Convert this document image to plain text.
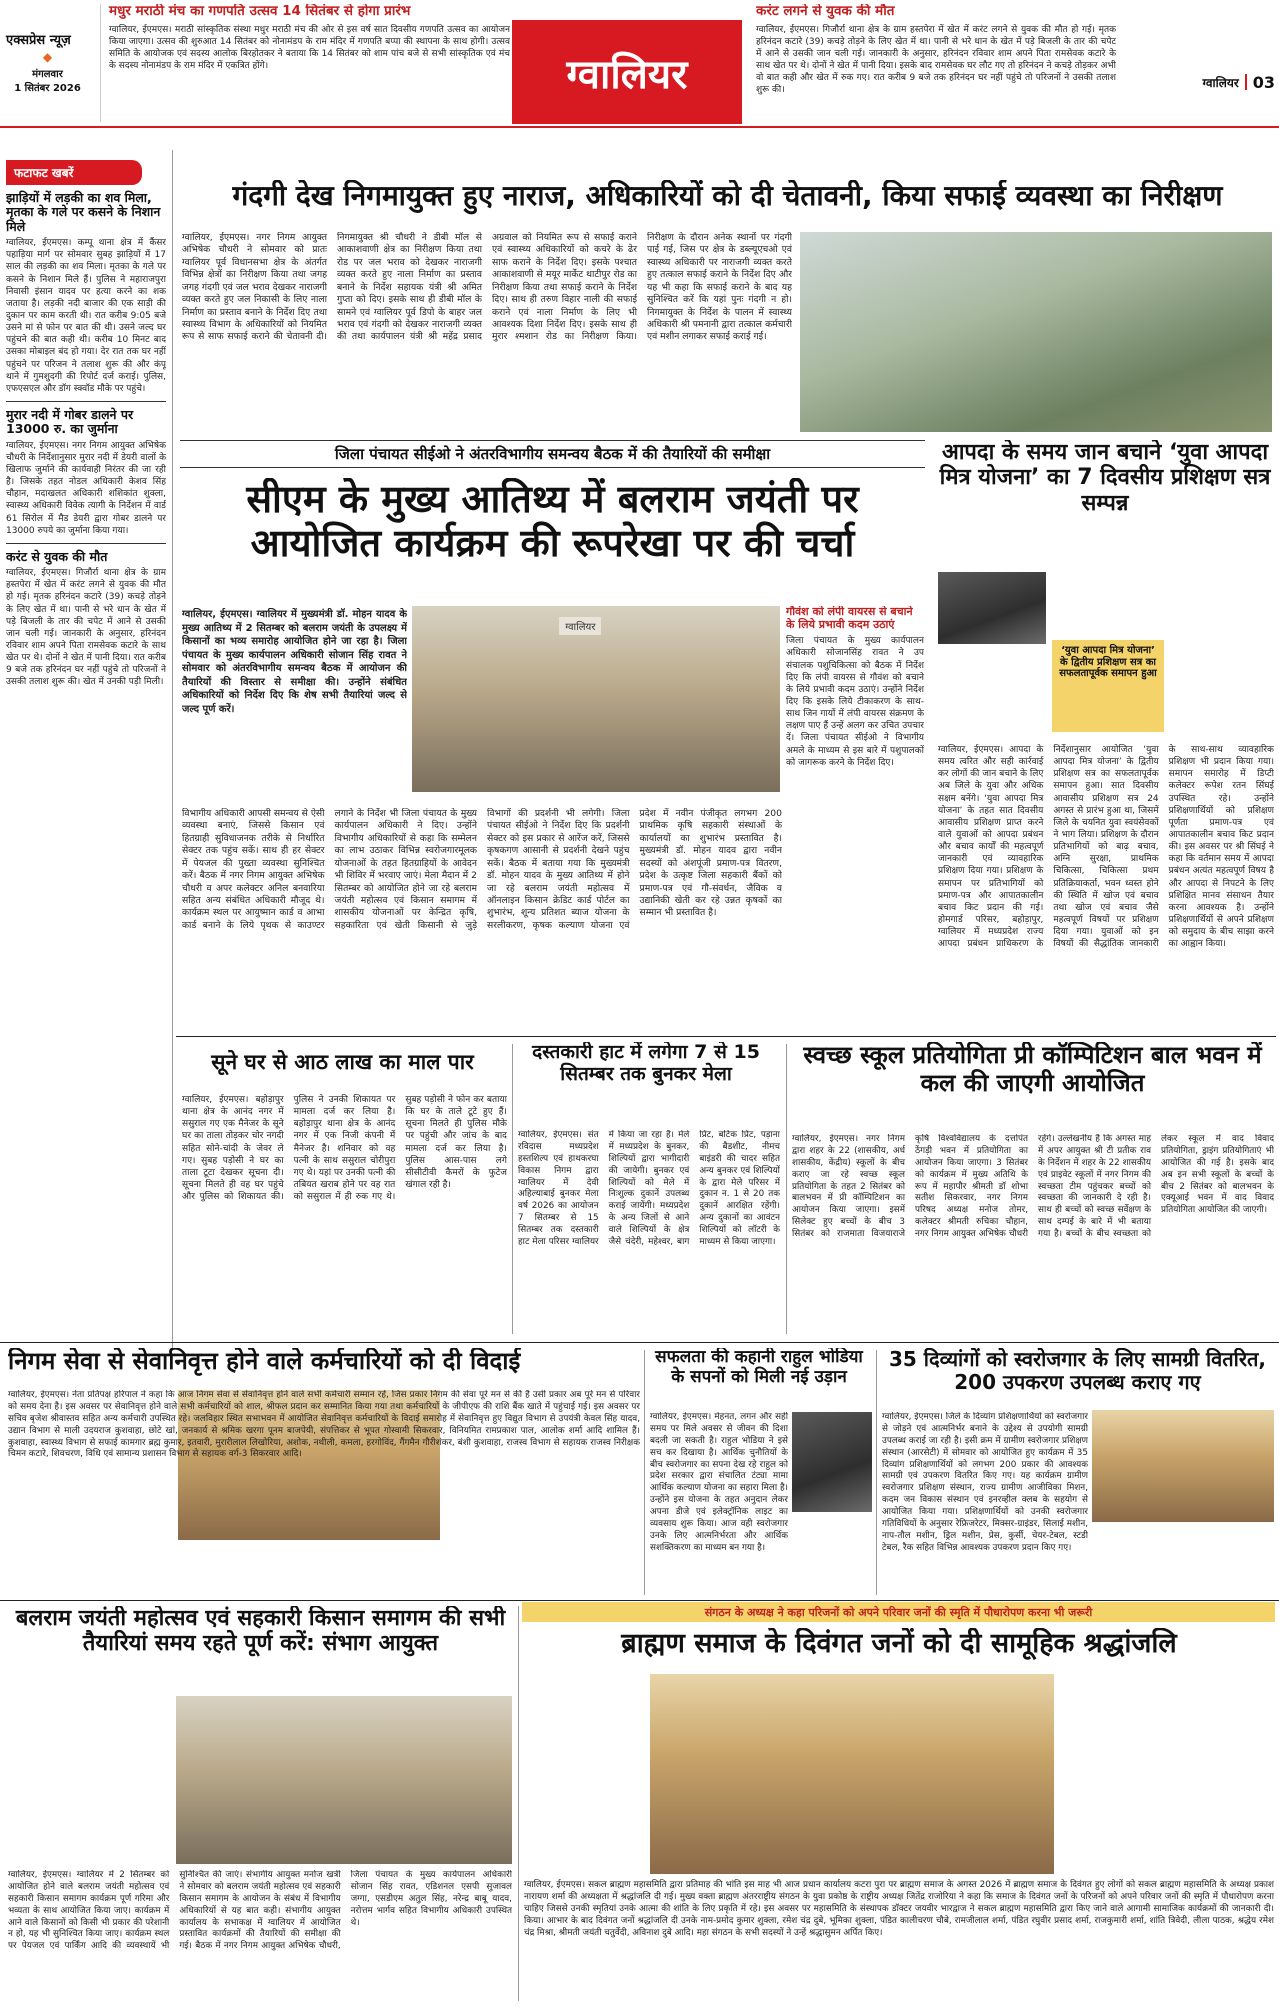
एक्सप्रेस न्यूज़
◆
मंगलवार
1 सितंबर 2026
मधुर मराठी मंच का गणपति उत्सव 14 सितंबर से होगा प्रारंभ
ग्वालियर, ईएमएस। मराठी सांस्कृतिक संस्था मधुर मराठी मंच की ओर से इस वर्ष सात दिवसीय गणपति उत्सव का आयोजन किया जाएगा। उत्सव की शुरुआत 14 सितंबर को नोनामंडप के राम मंदिर में गणपति बप्पा की स्थापना के साथ होगी। उत्सव समिति के आयोजक एवं सदस्य आलोक बिरहोतकर ने बताया कि 14 सितंबर को शाम पांच बजे से सभी सांस्कृतिक एवं मंच के सदस्य नोनामंडप के राम मंदिर में एकत्रित होंगे।	ग्वालियर
करंट लगने से युवक की मौत
ग्वालियर, ईएमएस। गिजौर्रा थाना क्षेत्र के ग्राम हस्तपेरा में खेत में करंट लगने से युवक की मौत हो गई। मृतक हरिनंदन कटारे (39) कचड़े तोड़ने के लिए खेत में था। पानी से भरे धान के खेत में पड़े बिजली के तार की चपेट में आने से उसकी जान चली गई। जानकारी के अनुसार, हरिनंदन रविवार शाम अपने पिता रामसेवक कटारे के साथ खेत पर थे। दोनों ने खेत में पानी दिया। इसके बाद रामसेवक घर लौट गए तो हरिनंदन ने कचड़े तोड़कर अभी वो बात कही और खेत में रुक गए। रात करीब 9 बजे तक हरिनंदन घर नहीं पहुंचे तो परिजनों ने उसकी तलाश शुरू की।
ग्वालियर 03
फटाफट खबरें
झाड़ियों में लड़की का शव मिला, मृतका के गले पर कसने के निशान मिले
ग्वालियर, ईएमएस। कम्पू थाना क्षेत्र में कैंसर पहाड़िया मार्ग पर सोमवार सुबह झाड़ियों में 17 साल की लड़की का शव मिला। मृतका के गले पर कसने के निशान मिले हैं। पुलिस ने महाराजपुरा निवासी इंसान यादव पर हत्या करने का शक जताया है। लड़की नदी बाजार की एक साड़ी की दुकान पर काम करती थी। रात करीब 9:05 बजे उसने मां से फोन पर बात की थी। उसने जल्द घर पहुंचने की बात कही थी। करीब 10 मिनट बाद उसका मोबाइल बंद हो गया। देर रात तक घर नहीं पहुंचने पर परिजन ने तलाश शुरू की और कंपू थाने में गुमशुदगी की रिपोर्ट दर्ज कराई। पुलिस, एफएसएल और डॉग स्क्वॉड मौके पर पहुंचे।
मुरार नदी में गोबर डालने पर 13000 रु. का जुर्माना
ग्वालियर, ईएमएस। नगर निगम आयुक्त अभिषेक चौधरी के निर्देशानुसार मुरार नदी में डेयरी वालों के खिलाफ जुर्माने की कार्यवाही निरंतर की जा रही है। जिसके तहत नोडल अधिकारी केशव सिंह चौहान, मदाखलत अधिकारी शशिकांत शुक्ला, स्वास्थ्य अधिकारी विवेक त्यागी के निर्देशन में वार्ड 61 सिरोल में मैड डेयरी द्वारा गोबर डालने पर 13000 रुपये का जुर्माना किया गया।
करंट से युवक की मौत
ग्वालियर, ईएमएस। गिजौर्रा थाना क्षेत्र के ग्राम हस्तपेरा में खेत में करंट लगने से युवक की मौत हो गई। मृतक हरिनंदन कटारे (39) कचड़े तोड़ने के लिए खेत में था। पानी से भरे धान के खेत में पड़े बिजली के तार की चपेट में आने से उसकी जान चली गई। जानकारी के अनुसार, हरिनंदन रविवार शाम अपने पिता रामसेवक कटारे के साथ खेत पर थे। दोनों ने खेत में पानी दिया। रात करीब 9 बजे तक हरिनंदन घर नहीं पहुंचे तो परिजनों ने उसकी तलाश शुरू की। खेत में उनकी पड़ी मिली।
गंदगी देख निगमायुक्त हुए नाराज, अधिकारियों को दी चेतावनी, किया सफाई व्यवस्था का निरीक्षण
ग्वालियर, ईएमएस। नगर निगम आयुक्त अभिषेक चौधरी ने सोमवार को प्रातः ग्वालियर पूर्व विधानसभा क्षेत्र के अंतर्गत विभिन्न क्षेत्रों का निरीक्षण किया तथा जगह जगह गंदगी एवं जल भराव देखकर नाराजगी व्यक्त करते हुए जल निकासी के लिए नाला निर्माण का प्रस्ताव बनाने के निर्देश दिए तथा स्वास्थ्य विभाग के अधिकारियों को नियमित रूप से साफ सफाई कराने की चेतावनी दी। निगमायुक्त श्री चौधरी ने डीबी मॉल से आकाशवाणी क्षेत्र का निरीक्षण किया तथा रोड पर जल भराव को देखकर नाराजगी व्यक्त करते हुए नाला निर्माण का प्रस्ताव बनाने के निर्देश सहायक यंत्री श्री अमित गुप्ता को दिए। इसके साथ ही डीबी मॉल के सामने एवं ग्वालियर पूर्व डिपो के बाहर जल भराव एवं गंदगी को देखकर नाराजगी व्यक्त की तथा कार्यपालन यंत्री श्री महेंद्र प्रसाद अग्रवाल को नियमित रूप से सफाई कराने एवं स्वास्थ्य अधिकारियों को कचरे के ढेर साफ कराने के निर्देश दिए। इसके पश्चात आकाशवाणी से मयूर मार्केट थाटीपुर रोड का निरीक्षण किया तथा सफाई कराने के निर्देश दिए। साथ ही तरुण विहार नाली की सफाई कराने एवं नाला निर्माण के लिए भी आवश्यक दिशा निर्देश दिए। इसके साथ ही मुरार श्मशान रोड का निरीक्षण किया। निरीक्षण के दौरान अनेक स्थानों पर गंदगी पाई गई, जिस पर क्षेत्र के डब्ल्यूएचओ एवं स्वास्थ्य अधिकारी पर नाराजगी व्यक्त करते हुए तत्काल सफाई कराने के निर्देश दिए और यह भी कहा कि सफाई कराने के बाद यह सुनिश्चित करें कि यहां पुनः गंदगी न हो। निगमायुक्त के निर्देश के पालन में स्वास्थ्य अधिकारी श्री पमनानी द्वारा तत्काल कर्मचारी एवं मशीन लगाकर सफाई कराई गई।
जिला पंचायत सीईओ ने अंतरविभागीय समन्वय बैठक में की तैयारियों की समीक्षा
सीएम के मुख्य आतिथ्य में बलराम जयंती पर आयोजित कार्यक्रम की रूपरेखा पर की चर्चा
ग्वालियर, ईएमएस। ग्वालियर में मुख्यमंत्री डॉ. मोहन यादव के मुख्य आतिथ्य में 2 सितम्बर को बलराम जयंती के उपलक्ष्य में किसानों का भव्य समारोह आयोजित होने जा रहा है। जिला पंचायत के मुख्य कार्यपालन अधिकारी सोजान सिंह रावत ने सोमवार को अंतरविभागीय समन्वय बैठक में आयोजन की तैयारियों की विस्तार से समीक्षा की। उन्होंने संबंधित अधिकारियों को निर्देश दिए कि शेष सभी तैयारियां जल्द से जल्द पूर्ण करें।
ग्वालियर
गौवंश को लंपी वायरस से बचाने के लिये प्रभावी कदम उठाएं
जिला पंचायत के मुख्य कार्यपालन अधिकारी सोजानसिंह रावत ने उप संचालक पशुचिकित्सा को बैठक में निर्देश दिए कि लंपी वायरस से गौवंश को बचाने के लिये प्रभावी कदम उठाएं। उन्होंने निर्देश दिए कि इसके लिये टीकाकरण के साथ-साथ जिन गायों में लंपी वायरस संक्रमण के लक्षण पाए हैं उन्हें अलग कर उचित उपचार दें। जिला पंचायत सीईओ ने विभागीय अमले के माध्यम से इस बारे में पशुपालकों को जागरूक करने के निर्देश दिए।
विभागीय अधिकारी आपसी समन्वय से ऐसी व्यवस्था बनाएं, जिससे किसान एवं हितग्राही सुविधाजनक तरीके से निर्धारित सेक्टर तक पहुंच सकें। साथ ही हर सेक्टर में पेयजल की पुख्ता व्यवस्था सुनिश्चित करें। बैठक में नगर निगम आयुक्त अभिषेक चौधरी व अपर कलेक्टर अनिल बनवारिया सहित अन्य संबंधित अधिकारी मौजूद थे। कार्यक्रम स्थल पर आयुष्मान कार्ड व आभा कार्ड बनाने के लिये पृथक से काउण्टर लगाने के निर्देश भी जिला पंचायत के मुख्य कार्यपालन अधिकारी ने दिए। उन्होंने विभागीय अधिकारियों से कहा कि सम्मेलन का लाभ उठाकर विभिन्न स्वरोजगारमूलक योजनाओं के तहत हितग्राहियों के आवेदन भी शिविर में भरवाए जाएं। मेला मैदान में 2 सितम्बर को आयोजित होने जा रहे बलराम जयंती महोत्सव एवं किसान समागम में शासकीय योजनाओं पर केन्द्रित कृषि, सहकारिता एवं खेती किसानी से जुड़े विभागों की प्रदर्शनी भी लगेगी। जिला पंचायत सीईओ ने निर्देश दिए कि प्रदर्शनी सेक्टर को इस प्रकार से आरेंज करें, जिससे कृषकगण आसानी से प्रदर्शनी देखने पहुंच सकें। बैठक में बताया गया कि मुख्यमंत्री डॉ. मोहन यादव के मुख्य आतिथ्य में होने जा रहे बलराम जयंती महोत्सव में ऑनलाइन किसान क्रेडिट कार्ड पोर्टल का शुभारंभ, शून्य प्रतिशत ब्याज योजना के सरलीकरण, कृषक कल्याण योजना एवं प्रदेश में नवीन पंजीकृत लगभग 200 प्राथमिक कृषि सहकारी संस्थाओं के कार्यालयों का शुभारंभ प्रस्तावित है। मुख्यमंत्री डॉ. मोहन यादव द्वारा नवीन सदस्यों को अंशपूंजी प्रमाण-पत्र वितरण, प्रदेश के उत्कृष्ट जिला सहकारी बैंकों को प्रमाण-पत्र एवं गौ-संवर्धन, जैविक व उद्यानिकी खेती कर रहे उन्नत कृषकों का सम्मान भी प्रस्तावित है।
आपदा के समय जान बचाने ‘युवा आपदा मित्र योजना’ का 7 दिवसीय प्रशिक्षण सत्र सम्पन्न
‘युवा आपदा मित्र योजना’ के द्वितीय प्रशिक्षण सत्र का सफलतापूर्वक समापन हुआ
ग्वालियर, ईएमएस। आपदा के समय त्वरित और सही कार्रवाई कर लोगों की जान बचाने के लिए अब जिले के युवा और अधिक सक्षम बनेंगे। ‘युवा आपदा मित्र योजना’ के तहत सात दिवसीय आवासीय प्रशिक्षण प्राप्त करने वाले युवाओं को आपदा प्रबंधन और बचाव कार्यों की महत्वपूर्ण जानकारी एवं व्यावहारिक प्रशिक्षण दिया गया। प्रशिक्षण के समापन पर प्रतिभागियों को प्रमाण-पत्र और आपातकालीन बचाव किट प्रदान की गई। होमगार्ड परिसर, बहोड़ापुर, ग्वालियर में मध्यप्रदेश राज्य आपदा प्रबंधन प्राधिकरण के निर्देशानुसार आयोजित ‘युवा आपदा मित्र योजना’ के द्वितीय प्रशिक्षण सत्र का सफलतापूर्वक समापन हुआ। सात दिवसीय आवासीय प्रशिक्षण सत्र 24 अगस्त से प्रारंभ हुआ था, जिसमें जिले के चयनित युवा स्वयंसेवकों ने भाग लिया। प्रशिक्षण के दौरान प्रतिभागियों को बाढ़ बचाव, अग्नि सुरक्षा, प्राथमिक चिकित्सा, चिकित्सा प्रथम प्रतिक्रियाकर्ता, भवन ध्वस्त होने की स्थिति में खोज एवं बचाव तथा खोज एवं बचाव जैसे महत्वपूर्ण विषयों पर प्रशिक्षण दिया गया। युवाओं को इन विषयों की सैद्धांतिक जानकारी के साथ-साथ व्यावहारिक प्रशिक्षण भी प्रदान किया गया। समापन समारोह में डिप्टी कलेक्टर रूपेश रतन सिंघई उपस्थित रहे। उन्होंने प्रशिक्षणार्थियों को प्रशिक्षण पूर्णता प्रमाण-पत्र एवं आपातकालीन बचाव किट प्रदान की। इस अवसर पर श्री सिंघई ने कहा कि वर्तमान समय में आपदा प्रबंधन अत्यंत महत्वपूर्ण विषय है और आपदा से निपटने के लिए प्रशिक्षित मानव संसाधन तैयार करना आवश्यक है। उन्होंने प्रशिक्षणार्थियों से अपने प्रशिक्षण को समुदाय के बीच साझा करने का आह्वान किया।
सूने घर से आठ लाख का माल पार
ग्वालियर, ईएमएस। बहोड़ापुर थाना क्षेत्र के आनंद नगर में ससुराल गए एक मैनेजर के सूने घर का ताला तोड़कर चोर नगदी सहित सोने-चांदी के जेवर ले गए। सुबह पड़ोसी ने घर का ताला टूटा देखकर सूचना दी। सूचना मिलते ही वह घर पहुंचे और पुलिस को शिकायत की। पुलिस ने उनकी शिकायत पर मामला दर्ज कर लिया है। बहोड़ापुर थाना क्षेत्र के आनंद नगर में एक निजी कंपनी में मैनेजर है। शनिवार को वह पत्नी के साथ ससुराल चोरीपुरा गए थे। यहां पर उनकी पत्नी की तबियत खराब होने पर वह रात को ससुराल में ही रुक गए थे। सुबह पड़ोसी ने फोन कर बताया कि घर के ताले टूटे हुए हैं। सूचना मिलते ही पुलिस मौके पर पहुंची और जांच के बाद मामला दर्ज कर लिया है। पुलिस आस-पास लगे सीसीटीवी कैमरों के फुटेज खंगाल रही है।
दस्तकारी हाट में लगेगा 7 से 15 सितम्बर तक बुनकर मेला
ग्वालियर, ईएमएस। संत रविदास मध्यप्रदेश हस्तशिल्प एवं हाथकरघा विकास निगम द्वारा ग्वालियर में देवी अहिल्याबाई बुनकर मेला वर्ष 2026 का आयोजन 7 सितम्बर से 15 सितम्बर तक दस्तकारी हाट मेला परिसर ग्वालियर में किया जा रहा है। मेले में मध्यप्रदेश के बुनकर, शिल्पियों द्वारा भागीदारी की जायेगी। बुनकर एवं शिल्पियों को मेले में निःशुल्क दुकानें उपलब्ध कराई जायेंगी। मध्यप्रदेश के अन्य जिलों से आने वाले शिल्पियों के क्षेत्र जैसे चंदेरी, महेश्वर, बाग प्रिंट, बटिक प्रिंट, पड़ाना की बैडशीट, नीमच बाइंडरी की चादर सहित अन्य बुनकर एवं शिल्पियों के द्वारा मेले परिसर में दुकान न. 1 से 20 तक दुकानें आरक्षित रहेंगी। अन्य दुकानों का आवंटन शिल्पियों को लॉटरी के माध्यम से किया जाएगा।
स्वच्छ स्कूल प्रतियोगिता प्री कॉम्पिटिशन बाल भवन में कल की जाएगी आयोजित
ग्वालियर, ईएमएस। नगर निगम द्वारा शहर के 22 (शासकीय, अर्ध शासकीय, केंद्रीय) स्कूलों के बीच कराए जा रहे स्वच्छ स्कूल प्रतियोगिता के तहत 2 सितंबर को बालभवन में प्री कॉम्पिटिशन का आयोजन किया जाएगा। इसमें सिलेक्ट हुए बच्चों के बीच 3 सितंबर को राजमाता विजयाराजे कृषि विश्वविद्यालय के दत्तोपंत ठेंगड़ी भवन में प्रतियोगिता का आयोजन किया जाएगा। 3 सितंबर को कार्यक्रम में मुख्य अतिथि के रूप में महापौर श्रीमती डॉ शोभा सतीश सिकरवार, नगर निगम परिषद अध्यक्ष मनोज तोमर, कलेक्टर श्रीमती रुचिका चौहान, नगर निगम आयुक्त अभिषेक चौधरी रहेंगे। उल्लेखनीय है कि अगस्त माह में अपर आयुक्त श्री टी प्रतीक राव के निर्देशन में शहर के 22 शासकीय एवं प्राइवेट स्कूलों में नगर निगम की स्वच्छता टीम पहुंचकर बच्चों को स्वच्छता की जानकारी दे रही है। साथ ही बच्चों को स्वच्छ सर्वेक्षण के साथ दम्पई के बारे में भी बताया गया है। बच्चों के बीच स्वच्छता को लेकर स्कूल में वाद विवाद प्रतियोगिता, ड्राइंग प्रतियोगिताएं भी आयोजित की गई है। इसके बाद अब इन सभी स्कूलों के बच्चों के बीच 2 सितंबर को बालभवन के एक्यूआई भवन में वाद विवाद प्रतियोगिता आयोजित की जाएगी।
निगम सेवा से सेवानिवृत्त होने वाले कर्मचारियों को दी विदाई
ग्वालियर, ईएमएस। नेता प्रतिपक्ष हरिपाल ने कहा कि आज निगम सेवा से सेवानिवृत्त होने वाले सभी कर्मचारी सम्मान रहें, जिस प्रकार निगम की सेवा पूरे मन से की है उसी प्रकार अब पूरे मन से परिवार को समय देना है। इस अवसर पर सेवानिवृत्त होने वाले सभी कर्मचारियों को शाल, श्रीफल प्रदान कर सम्मानित किया गया तथा कर्मचारियों के जीपीएफ की राशि बैंक खाते में पहुंचाई गई। इस अवसर पर सचिव बृजेश श्रीवास्तव सहित अन्य कर्मचारी उपस्थित रहे। जलविहार स्थित सभाभवन में आयोजित सेवानिवृत्त कर्मचारियों के विदाई समारोह में सेवानिवृत्त हुए विद्युत विभाग से उपयंत्री केवल सिंह यादव, उद्यान विभाग से माली उदयराज कुशवाहा, छोटे खां, जनकार्य से श्रमिक खरगा पूनम बाजपेयी, संपत्तिकर से भूपत गोस्वामी सिकरवार, विनियमित रामप्रकाश पाल, आलोक शर्मा आदि शामिल हैं। कुशवाहा, स्वास्थ्य विभाग से सफाई कामगार ब्रह्म कुमार, इतवारी, मुरारीलाल लिखोरिया, अशोक, नथीली, कमला, हरगोविंद, गैंगमैन गौरीशंकर, बंशी कुशवाहा, राजस्व विभाग से सहायक राजस्व निरीक्षक चिमन कटारे, शिवचरण, विधि एवं सामान्य प्रशासन विभाग से सहायक वर्ग-3 सिकरवार आदि।
सफलता की कहानी राहुल भोडिया के सपनों को मिली नई उड़ान
ग्वालियर, ईएमएस। मेहनत, लगन और सही समय पर मिले अवसर से जीवन की दिशा बदली जा सकती है। राहुल भोडिया ने इसे सच कर दिखाया है। आर्थिक चुनौतियों के बीच स्वरोजगार का सपना देख रहे राहुल को प्रदेश सरकार द्वारा संचालित टंट्या मामा आर्थिक कल्याण योजना का सहारा मिला है। उन्होंने इस योजना के तहत अनुदान लेकर अपना डीजे एवं इलेक्ट्रॉनिक लाइट का व्यवसाय शुरू किया। आज वही स्वरोजगार उनके लिए आत्मनिर्भरता और आर्थिक सशक्तिकरण का माध्यम बन गया है।
35 दिव्यांगों को स्वरोजगार के लिए सामग्री वितरित, 200 उपकरण उपलब्ध कराए गए
ग्वालियर, ईएमएस। जिले के दिव्यांग प्रशिक्षणार्थियों को स्वरोजगार से जोड़ने एवं आत्मनिर्भर बनाने के उद्देश्य से उपयोगी सामग्री उपलब्ध कराई जा रही है। इसी क्रम में ग्रामीण स्वरोजगार प्रशिक्षण संस्थान (आरसेटी) में सोमवार को आयोजित हुए कार्यक्रम में 35 दिव्यांग प्रशिक्षणार्थियों को लगभग 200 प्रकार की आवश्यक सामग्री एवं उपकरण वितरित किए गए। यह कार्यक्रम ग्रामीण स्वरोजगार प्रशिक्षण संस्थान, राज्य ग्रामीण आजीविका मिशन, कदम जन विकास संस्थान एवं इनरव्हील क्लब के सहयोग से आयोजित किया गया। प्रशिक्षणार्थियों को उनकी स्वरोजगार गतिविधियों के अनुसार रेफ्रिजरेटर, मिक्सर-ग्राइंडर, सिलाई मशीन, नाप-तौल मशीन, ड्रिल मशीन, प्रेस, कुर्सी, चेयर-टेबल, स्टडी टेबल, रैक सहित विभिन्न आवश्यक उपकरण प्रदान किए गए।
बलराम जयंती महोत्सव एवं सहकारी किसान समागम की सभी तैयारियां समय रहते पूर्ण करें: संभाग आयुक्त
ग्वालियर, ईएमएस। ग्वालियर में 2 सितम्बर को आयोजित होने वाले बलराम जयंती महोत्सव एवं सहकारी किसान समागम कार्यक्रम पूर्ण गरिमा और भव्यता के साथ आयोजित किया जाए। कार्यक्रम में आने वाले किसानों को किसी भी प्रकार की परेशानी न हो, यह भी सुनिश्चित किया जाए। कार्यक्रम स्थल पर पेयजल एवं पार्किंग आदि की व्यवस्थायें भी सुनिश्चित की जाएं। संभागीय आयुक्त मनोज खत्री ने सोमवार को बलराम जयंती महोत्सव एवं सहकारी किसान समागम के आयोजन के संबंध में विभागीय अधिकारियों से यह बात कही। संभागीय आयुक्त कार्यालय के सभाकक्ष में ग्वालियर में आयोजित प्रस्तावित कार्यक्रमों की तैयारियों की समीक्षा की गई। बैठक में नगर निगम आयुक्त अभिषेक चौधरी, जिला पंचायत के मुख्य कार्यपालन अधिकारी सोजान सिंह रावत, एडिशनल एसपी सुजावल जग्गा, एसडीएम अतुल सिंह, नरेन्द्र बाबू यादव, नरोत्तम भार्गव सहित विभागीय अधिकारी उपस्थित थे।
संगठन के अध्यक्ष ने कहा परिजनों को अपने परिवार जनों की स्मृति में पौधारोपण करना भी जरूरी
ब्राह्मण समाज के दिवंगत जनों को दी सामूहिक श्रद्धांजलि
ग्वालियर, ईएमएस। सकल ब्राह्मण महासमिति द्वारा प्रतिमाह की भांति इस माह भी आज प्रधान कार्यालय कटरा पुरा पर ब्राह्मण समाज के अगस्त 2026 में ब्राह्मण समाज के दिवंगत हुए लोगों को सकल ब्राह्मण महासमिति के अध्यक्ष प्रकाश नारायण शर्मा की अध्यक्षता में श्रद्धांजलि दी गई। मुख्य वक्ता ब्राह्मण अंतरराष्ट्रीय संगठन के युवा प्रकोष्ठ के राष्ट्रीय अध्यक्ष जितेंद्र राजोरिया ने कहा कि समाज के दिवंगत जनों के परिजनों को अपने परिवार जनों की स्मृति में पौधारोपण करना चाहिए जिससे उनकी स्मृतियां उनके आत्मा की शांति के लिए प्रकृति में रहे। इस अवसर पर महासमिति के संस्थापक डॉक्टर जयवीर भारद्वाज ने सकल ब्राह्मण महासमिति द्वारा किए जाने वाले आगामी सामाजिक कार्यक्रमों की जानकारी दी। किया। आभार के बाद दिवंगत जनों श्रद्धांजलि दी उनके नाम-प्रमोद कुमार शुक्ला, रमेश चंद्र दुबे, भूमिका शुक्ला, पंडित कालीचरण चौबे, रामजीलाल शर्मा, पंडित रघुवीर प्रसाद शर्मा, राजकुमारी शर्मा, शांति त्रिवेदी, लीला पाठक, श्रद्धेय रमेश चंद्र मिश्रा, श्रीमती जयंती चतुर्वेदी, अविनाश दुबे आदि। महा संगठन के सभी सदस्यों ने उन्हें श्रद्धासुमन अर्पित किए।
